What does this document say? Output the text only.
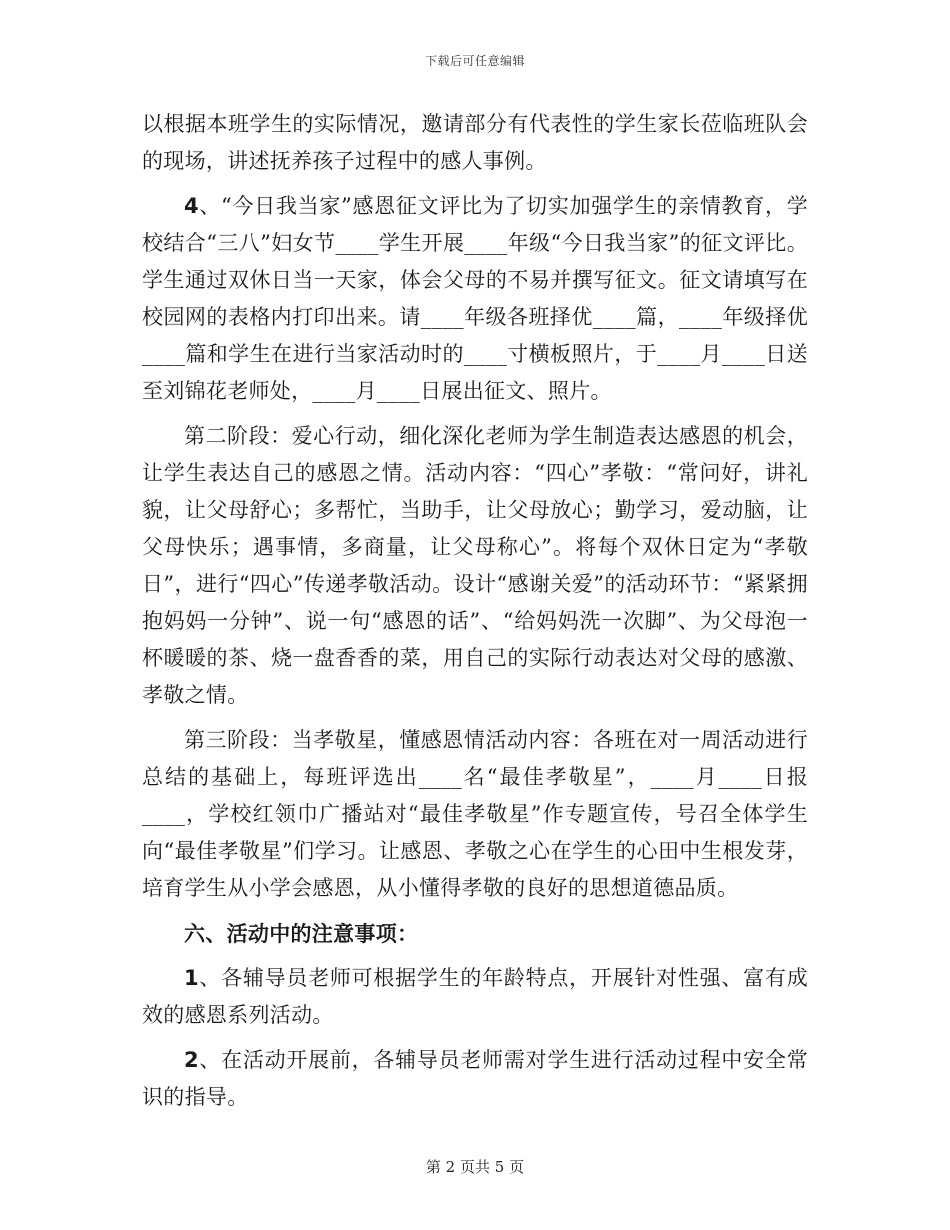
下载后可任意编辑

以根据本班学生的实际情况，邀请部分有代表性的学生家长莅临班队会的现场，讲述抚养孩子过程中的感人事例。

4、“今日我当家”感恩征文评比为了切实加强学生的亲情教育，学校结合“三八”妇女节____学生开展____年级“今日我当家”的征文评比。学生通过双休日当一天家，体会父母的不易并撰写征文。征文请填写在校园网的表格内打印出来。请____年级各班择优____篇，____年级择优____篇和学生在进行当家活动时的____寸横板照片，于____月____日送至刘锦花老师处，____月____日展出征文、照片。

第二阶段：爱心行动，细化深化老师为学生制造表达感恩的机会，让学生表达自己的感恩之情。活动内容：“四心”孝敬：“常问好，讲礼貌，让父母舒心；多帮忙，当助手，让父母放心；勤学习，爱动脑，让父母快乐；遇事情，多商量，让父母称心”。将每个双休日定为“孝敬日”，进行“四心”传递孝敬活动。设计“感谢关爱”的活动环节：“紧紧拥抱妈妈一分钟”、说一句“感恩的话”、“给妈妈洗一次脚”、为父母泡一杯暖暖的茶、烧一盘香香的菜，用自己的实际行动表达对父母的感激、孝敬之情。

第三阶段：当孝敬星，懂感恩情活动内容：各班在对一周活动进行总结的基础上，每班评选出____名“最佳孝敬星”，____月____日报____，学校红领巾广播站对“最佳孝敬星”作专题宣传，号召全体学生向“最佳孝敬星”们学习。让感恩、孝敬之心在学生的心田中生根发芽，培育学生从小学会感恩，从小懂得孝敬的良好的思想道德品质。

六、活动中的注意事项：

1、各辅导员老师可根据学生的年龄特点，开展针对性强、富有成效的感恩系列活动。

2、在活动开展前，各辅导员老师需对学生进行活动过程中安全常识的指导。

第 2 页共 5 页
